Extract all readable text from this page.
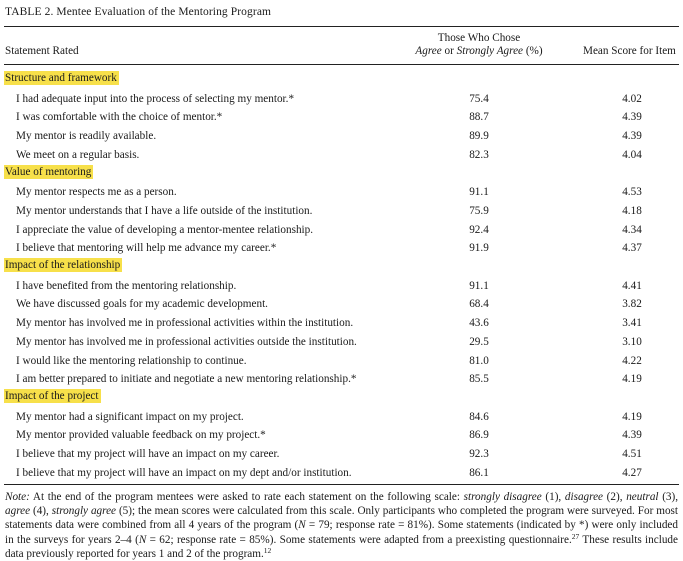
TABLE 2. Mentee Evaluation of the Mentoring Program
Statement Rated
Those Who Chose
Agree or Strongly Agree (%)	Mean Score for Item
Structure and framework
I had adequate input into the process of selecting my mentor.*	75.4	4.02
I was comfortable with the choice of mentor.*	88.7	4.39
My mentor is readily available.	89.9	4.39
We meet on a regular basis.	82.3	4.04
Value of mentoring
My mentor respects me as a person.	91.1	4.53
My mentor understands that I have a life outside of the institution.	75.9	4.18
I appreciate the value of developing a mentor-mentee relationship.	92.4	4.34
I believe that mentoring will help me advance my career.*	91.9	4.37
Impact of the relationship
I have benefited from the mentoring relationship.	91.1	4.41
We have discussed goals for my academic development.	68.4	3.82
My mentor has involved me in professional activities within the institution.	43.6	3.41
My mentor has involved me in professional activities outside the institution.	29.5	3.10
I would like the mentoring relationship to continue.	81.0	4.22
I am better prepared to initiate and negotiate a new mentoring relationship.*	85.5	4.19
Impact of the project
My mentor had a significant impact on my project.	84.6	4.19
My mentor provided valuable feedback on my project.*	86.9	4.39
I believe that my project will have an impact on my career.	92.3	4.51
I believe that my project will have an impact on my dept and/or institution.	86.1	4.27
Note: At the end of the program mentees were asked to rate each statement on the following scale: strongly disagree (1), disagree (2), neutral (3), agree (4), strongly agree (5); the mean scores were calculated from this scale. Only participants who completed the program were surveyed. For most statements data were combined from all 4 years of the program (N = 79; response rate = 81%). Some statements (indicated by *) were only included in the surveys for years 2–4 (N = 62; response rate = 85%). Some statements were adapted from a preexisting questionnaire.$^{27}$ These results include data previously reported for years 1 and 2 of the program.$^{12}$
